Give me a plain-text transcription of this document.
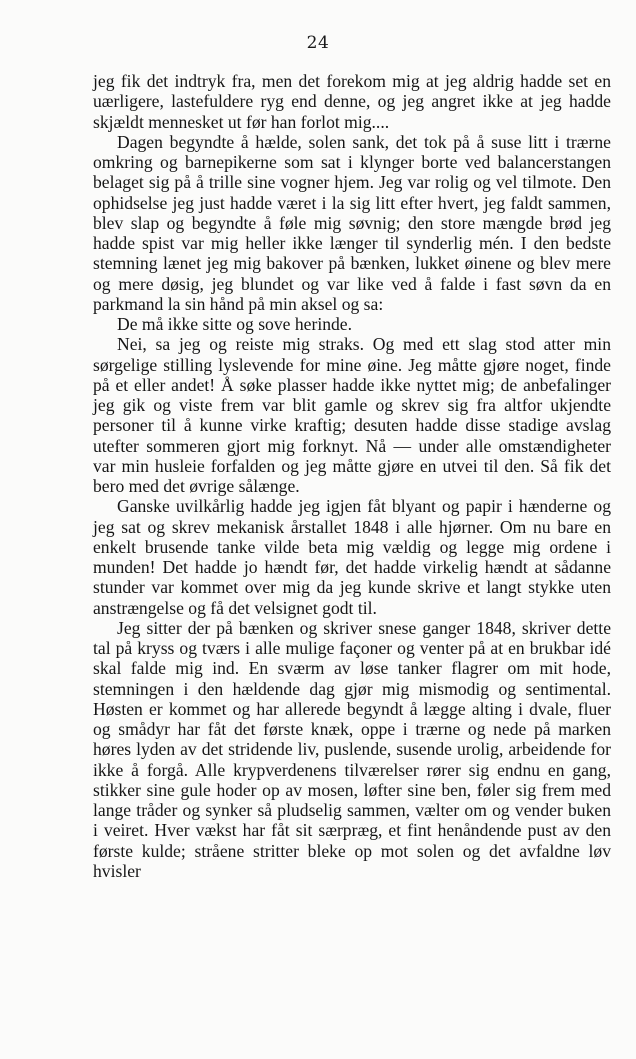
24

jeg fik det indtryk fra, men det forekom mig at jeg aldrig hadde set en uærligere, lastefuldere ryg end denne, og jeg angret ikke at jeg hadde skjældt mennesket ut før han forlot mig....

Dagen begyndte å hælde, solen sank, det tok på å suse litt i trærne omkring og barnepikerne som sat i klynger borte ved balancerstangen belaget sig på å trille sine vogner hjem. Jeg var rolig og vel tilmote. Den ophidselse jeg just hadde været i la sig litt efter hvert, jeg faldt sammen, blev slap og begyndte å føle mig søvnig; den store mængde brød jeg hadde spist var mig heller ikke længer til synderlig mén. I den bedste stemning lænet jeg mig bakover på bænken, lukket øinene og blev mere og mere døsig, jeg blundet og var like ved å falde i fast søvn da en parkmand la sin hånd på min aksel og sa:

De må ikke sitte og sove herinde.

Nei, sa jeg og reiste mig straks. Og med ett slag stod atter min sørgelige stilling lyslevende for mine øine. Jeg måtte gjøre noget, finde på et eller andet! Å søke plasser hadde ikke nyttet mig; de anbefalinger jeg gik og viste frem var blit gamle og skrev sig fra altfor ukjendte personer til å kunne virke kraftig; desuten hadde disse stadige avslag utefter sommeren gjort mig forknyt. Nå — under alle omstændigheter var min husleie forfalden og jeg måtte gjøre en utvei til den. Så fik det bero med det øvrige sålænge.

Ganske uvilkårlig hadde jeg igjen fåt blyant og papir i hænderne og jeg sat og skrev mekanisk årstallet 1848 i alle hjørner. Om nu bare en enkelt brusende tanke vilde beta mig vældig og legge mig ordene i munden! Det hadde jo hændt før, det hadde virkelig hændt at sådanne stunder var kommet over mig da jeg kunde skrive et langt stykke uten anstrængelse og få det velsignet godt til.

Jeg sitter der på bænken og skriver snese ganger 1848, skriver dette tal på kryss og tværs i alle mulige façoner og venter på at en brukbar idé skal falde mig ind. En sværm av løse tanker flagrer om mit hode, stemningen i den hældende dag gjør mig mismodig og sentimental. Høsten er kommet og har allerede begyndt å lægge alting i dvale, fluer og smådyr har fåt det første knæk, oppe i trærne og nede på marken høres lyden av det stridende liv, puslende, susende urolig, arbeidende for ikke å forgå. Alle krypverdenens tilværelser rører sig endnu en gang, stikker sine gule hoder op av mosen, løfter sine ben, føler sig frem med lange tråder og synker så pludselig sammen, vælter om og vender buken i veiret. Hver vækst har fåt sit særpræg, et fint henåndende pust av den første kulde; stråene stritter bleke op mot solen og det avfaldne løv hvisler
